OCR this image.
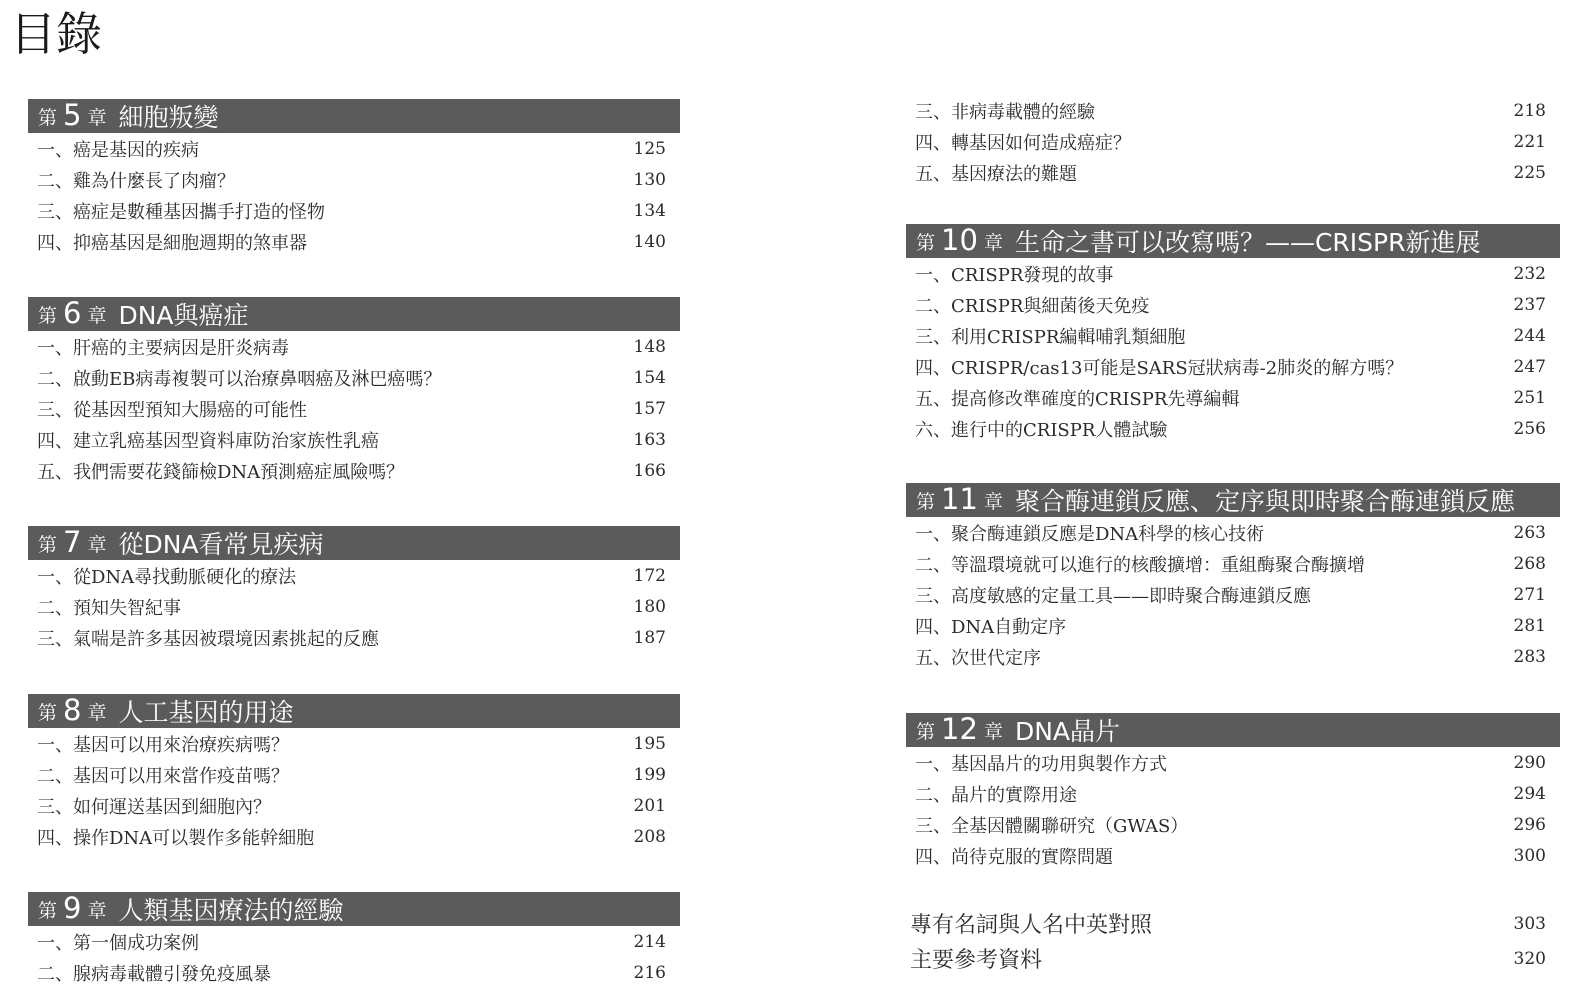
目錄
第 5 章 細胞叛變
一、癌是基因的疾病	125
二、雞為什麼長了肉瘤？	130
三、癌症是數種基因攜手打造的怪物	134
四、抑癌基因是細胞週期的煞車器	140
第 6 章 DNA與癌症
一、肝癌的主要病因是肝炎病毒	148
二、啟動EB病毒複製可以治療鼻咽癌及淋巴癌嗎？	154
三、從基因型預知大腸癌的可能性	157
四、建立乳癌基因型資料庫防治家族性乳癌	163
五、我們需要花錢篩檢DNA預測癌症風險嗎？	166
第 7 章 從DNA看常見疾病
一、從DNA尋找動脈硬化的療法	172
二、預知失智紀事	180
三、氣喘是許多基因被環境因素挑起的反應	187
第 8 章 人工基因的用途
一、基因可以用來治療疾病嗎？	195
二、基因可以用來當作疫苗嗎？	199
三、如何運送基因到細胞內？	201
四、操作DNA可以製作多能幹細胞	208
第 9 章 人類基因療法的經驗
一、第一個成功案例	214
二、腺病毒載體引發免疫風暴	216
三、非病毒載體的經驗	218
四、轉基因如何造成癌症？	221
五、基因療法的難題	225
第 10 章 生命之書可以改寫嗎？——CRISPR新進展
一、CRISPR發現的故事	232
二、CRISPR與細菌後天免疫	237
三、利用CRISPR編輯哺乳類細胞	244
四、CRISPR/cas13可能是SARS冠狀病毒-2肺炎的解方嗎？	247
五、提高修改準確度的CRISPR先導編輯	251
六、進行中的CRISPR人體試驗	256
第 11 章 聚合酶連鎖反應、定序與即時聚合酶連鎖反應
一、聚合酶連鎖反應是DNA科學的核心技術	263
二、等溫環境就可以進行的核酸擴增：重組酶聚合酶擴增	268
三、高度敏感的定量工具——即時聚合酶連鎖反應	271
四、DNA自動定序	281
五、次世代定序	283
第 12 章 DNA晶片
一、基因晶片的功用與製作方式	290
二、晶片的實際用途	294
三、全基因體關聯研究（GWAS）	296
四、尚待克服的實際問題	300
專有名詞與人名中英對照	303
主要參考資料	320
